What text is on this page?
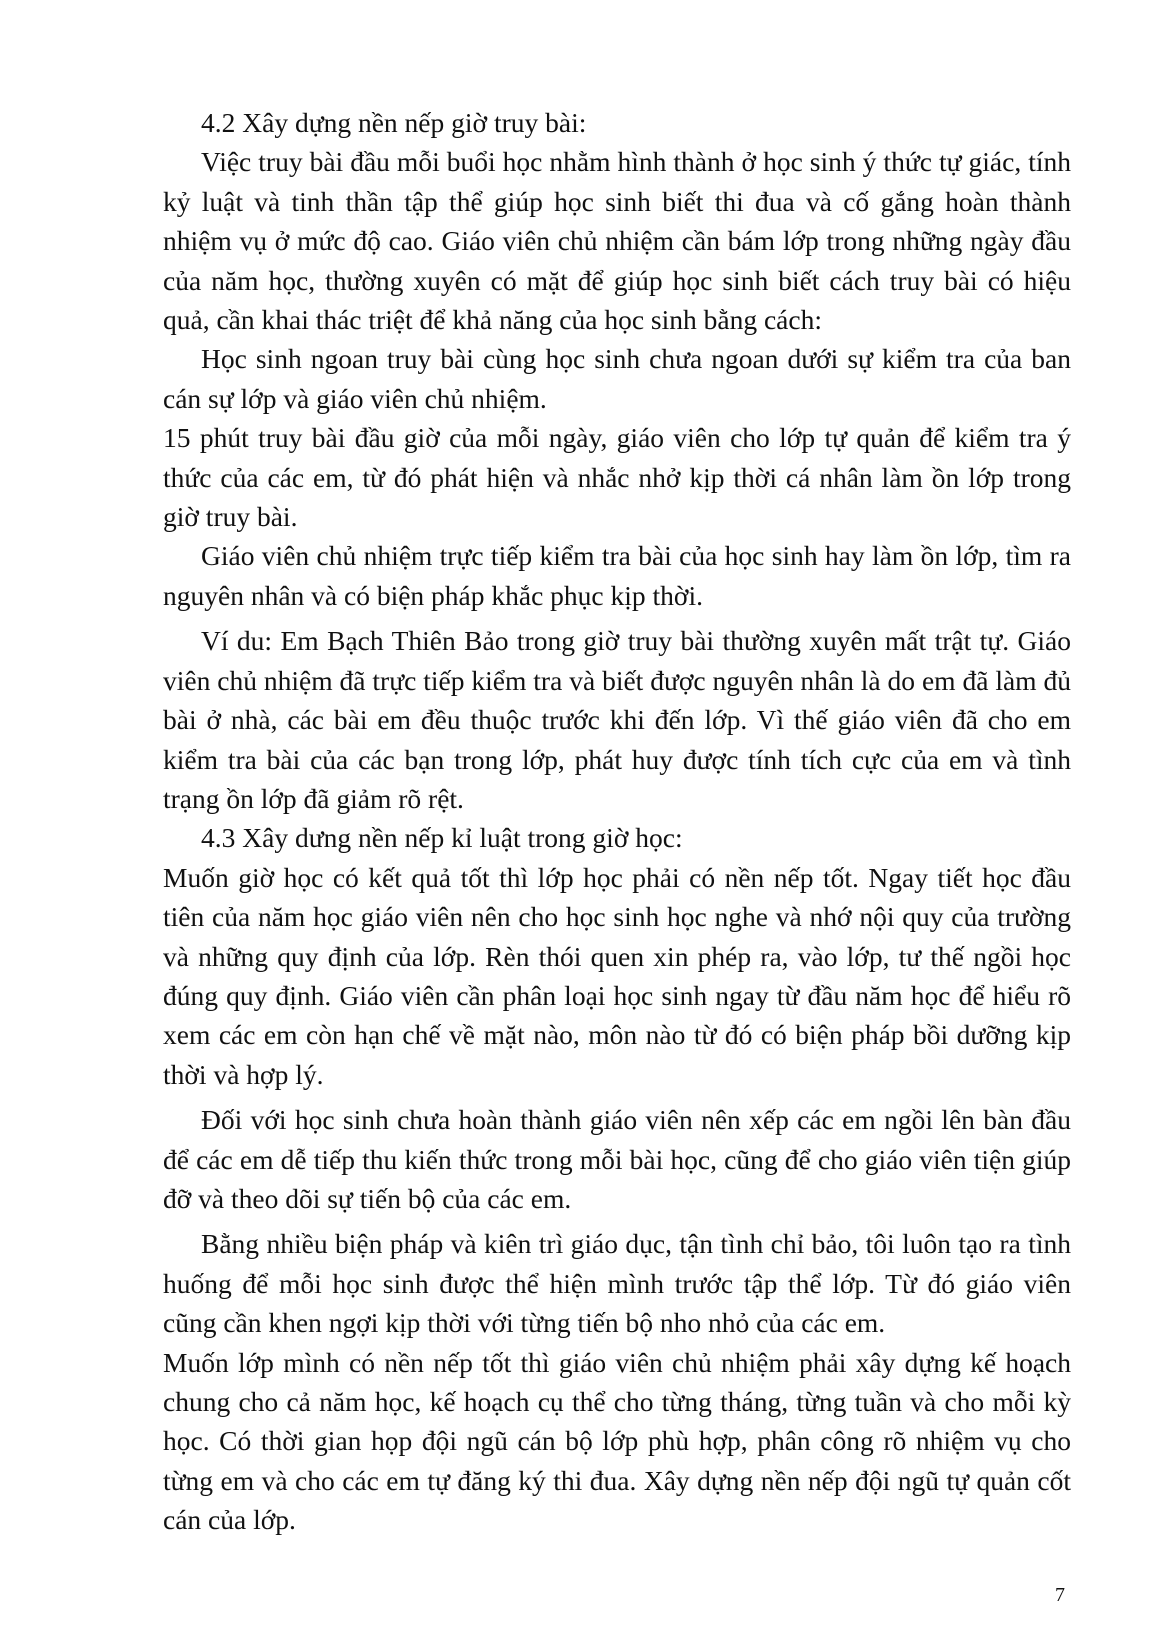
4.2 Xây dựng nền nếp giờ truy bài:

Việc truy bài đầu mỗi buổi học nhằm hình thành ở học sinh ý thức tự giác, tính kỷ luật và tinh thần tập thể giúp học sinh biết thi đua và cố gắng hoàn thành nhiệm vụ ở mức độ cao. Giáo viên chủ nhiệm cần bám lớp trong những ngày đầu của năm học, thường xuyên có mặt để giúp học sinh biết cách truy bài có hiệu quả, cần khai thác triệt để khả năng của học sinh bằng cách:

Học sinh ngoan truy bài cùng học sinh chưa ngoan dưới sự kiểm tra của ban cán sự lớp và giáo viên chủ nhiệm.

15 phút truy bài đầu giờ của mỗi ngày, giáo viên cho lớp tự quản để kiểm tra ý thức của các em, từ đó phát hiện và nhắc nhở kịp thời cá nhân làm ồn lớp trong giờ truy bài.

Giáo viên chủ nhiệm trực tiếp kiểm tra bài của học sinh hay làm ồn lớp, tìm ra nguyên nhân và có biện pháp khắc phục kịp thời.

Ví du: Em Bạch Thiên Bảo trong giờ truy bài thường xuyên mất trật tự. Giáo viên chủ nhiệm đã trực tiếp kiểm tra và biết được nguyên nhân là do em đã làm đủ bài ở nhà, các bài em đều thuộc trước khi đến lớp. Vì thế giáo viên đã cho em kiểm tra bài của các bạn trong lớp, phát huy được tính tích cực của em và tình trạng ồn lớp đã giảm rõ rệt.

4.3 Xây dưng nền nếp kỉ luật trong giờ học:

Muốn giờ học có kết quả tốt thì lớp học phải có nền nếp tốt. Ngay tiết học đầu tiên của năm học giáo viên nên cho học sinh học nghe và nhớ nội quy của trường và những quy định của lớp. Rèn thói quen xin phép ra, vào lớp, tư thế ngồi học đúng quy định. Giáo viên cần phân loại học sinh ngay từ đầu năm học để hiểu rõ xem các em còn hạn chế về mặt nào, môn nào từ đó có biện pháp bồi dưỡng kịp thời và hợp lý.

Đối với học sinh chưa hoàn thành giáo viên nên xếp các em ngồi lên bàn đầu để các em dễ tiếp thu kiến thức trong mỗi bài học, cũng để cho giáo viên tiện giúp đỡ và theo dõi sự tiến bộ của các em.

Bằng nhiều biện pháp và kiên trì giáo dục, tận tình chỉ bảo, tôi luôn tạo ra tình huống để mỗi học sinh được thể hiện mình trước tập thể lớp. Từ đó giáo viên cũng cần khen ngợi kịp thời với từng tiến bộ nho nhỏ của các em.

Muốn lớp mình có nền nếp tốt thì giáo viên chủ nhiệm phải xây dựng kế hoạch chung cho cả năm học, kế hoạch cụ thể cho từng tháng, từng tuần và cho mỗi kỳ học. Có thời gian họp đội ngũ cán bộ lớp phù hợp, phân công rõ nhiệm vụ cho từng em và cho các em tự đăng ký thi đua. Xây dựng nền nếp đội ngũ tự quản cốt cán của lớp.

7
